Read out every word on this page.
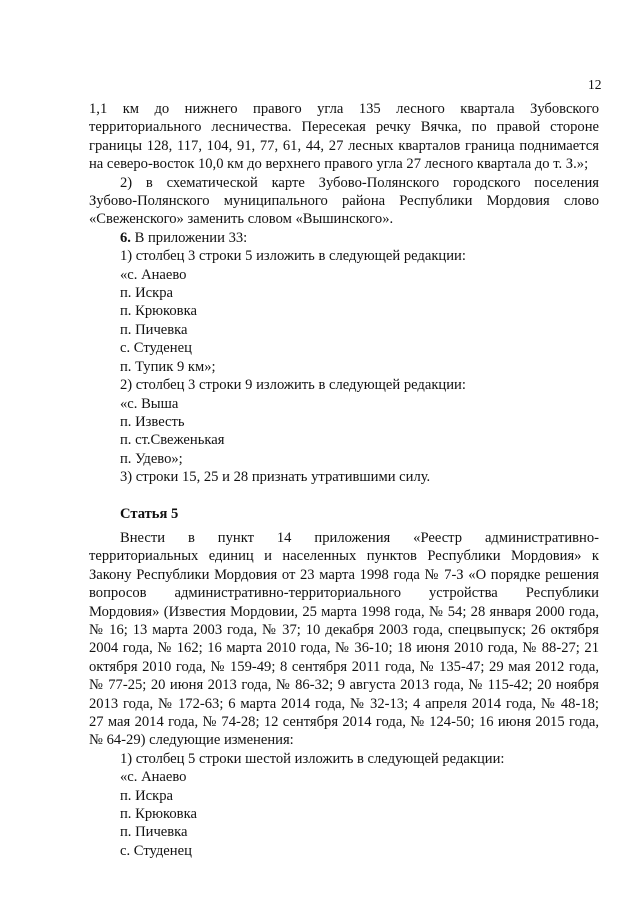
12

1,1 км до нижнего правого угла 135 лесного квартала Зубовского

территориального лесничества. Пересекая речку Вячка, по правой стороне

границы 128, 117, 104, 91, 77, 61, 44, 27 лесных кварталов граница поднимается

на северо-восток 10,0 км до верхнего правого угла 27 лесного квартала до т. З.»;

2) в схематической карте Зубово-Полянского городского поселения

Зубово-Полянского муниципального района Республики Мордовия слово

«Свеженского» заменить словом «Вышинского».

6. В приложении 33:

1) столбец 3 строки 5 изложить в следующей редакции:

«с. Анаево

п. Искра

п. Крюковка

п. Пичевка

с. Студенец

п. Тупик 9 км»;

2) столбец 3 строки 9 изложить в следующей редакции:

«с. Выша

п. Известь

п. ст.Свеженькая

п. Удево»;

3) строки 15, 25 и 28 признать утратившими силу.

Статья 5

Внести в пункт 14 приложения «Реестр административно-

территориальных единиц и населенных пунктов Республики Мордовия» к

Закону Республики Мордовия от 23 марта 1998 года № 7-З «О порядке решения

вопросов административно-территориального устройства Республики

Мордовия» (Известия Мордовии, 25 марта 1998 года, № 54; 28 января 2000 года,

№ 16; 13 марта 2003 года, № 37; 10 декабря 2003 года, спецвыпуск; 26 октября

2004 года, № 162; 16 марта 2010 года, № 36-10; 18 июня 2010 года, № 88-27; 21

октября 2010 года, № 159-49; 8 сентября 2011 года, № 135-47; 29 мая 2012 года,

№ 77-25; 20 июня 2013 года, № 86-32; 9 августа 2013 года, № 115-42; 20 ноября

2013 года, № 172-63; 6 марта 2014 года, № 32-13; 4 апреля 2014 года, № 48-18;

27 мая 2014 года, № 74-28; 12 сентября 2014 года, № 124-50; 16 июня 2015 года,

№ 64-29) следующие изменения:

1) столбец 5 строки шестой изложить в следующей редакции:

«с. Анаево

п. Искра

п. Крюковка

п. Пичевка

с. Студенец
